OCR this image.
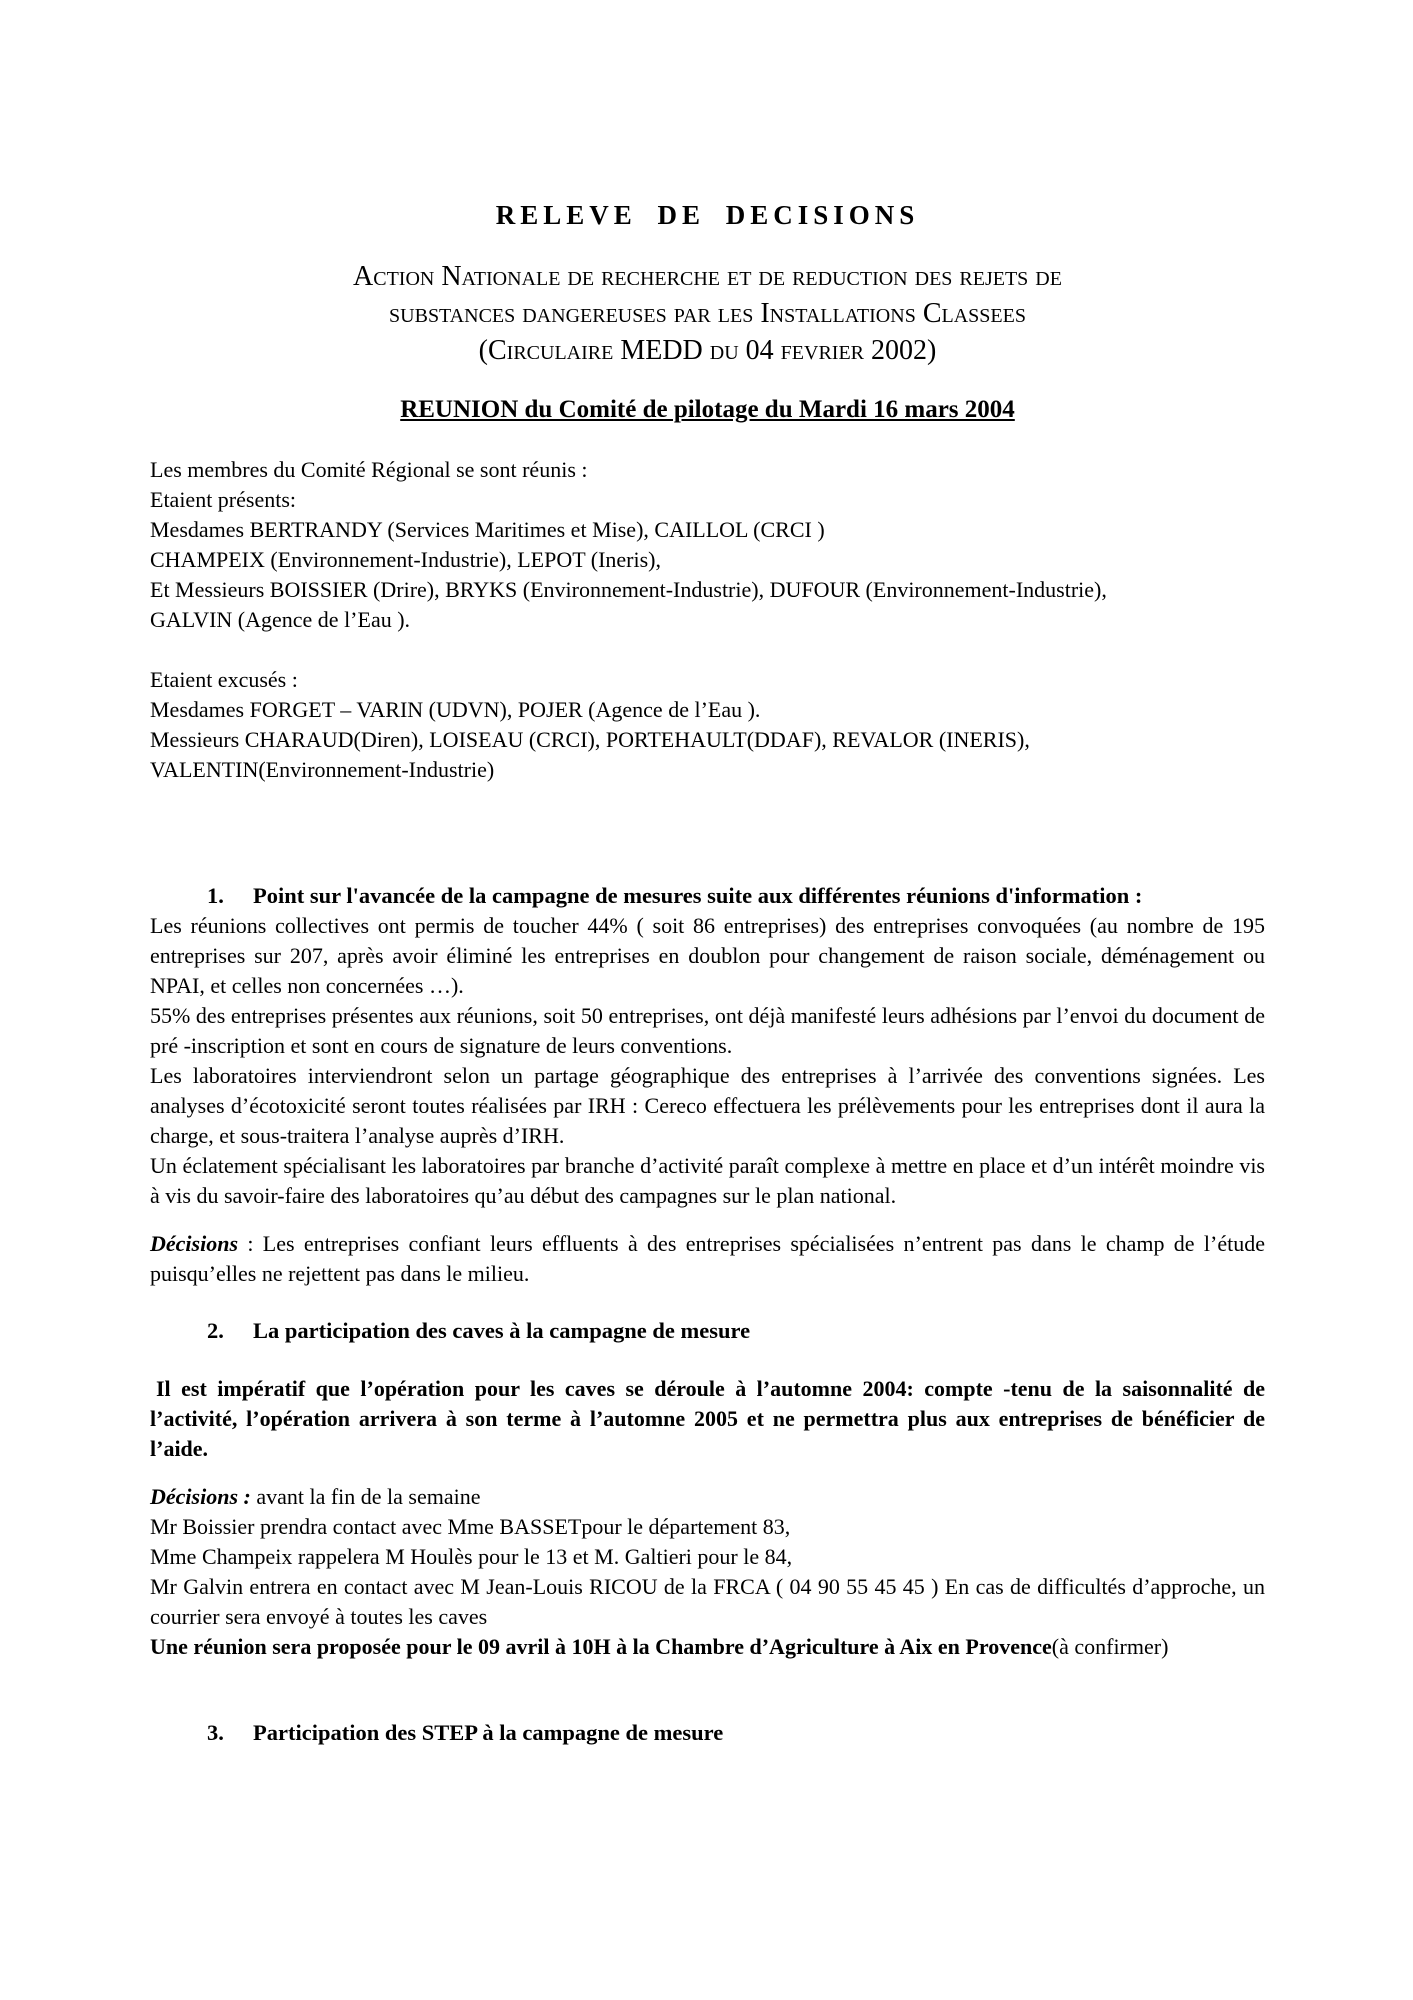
RELEVE DE DECISIONS
Action Nationale de recherche et de reduction des rejets de
substances dangereuses par les Installations Classees
(Circulaire MEDD du 04 fevrier 2002)
REUNION du Comité de pilotage du Mardi 16 mars 2004
Les membres du Comité Régional se sont réunis :
Etaient présents:
Mesdames BERTRANDY (Services Maritimes et Mise), CAILLOL (CRCI )
CHAMPEIX (Environnement-Industrie), LEPOT (Ineris),
Et Messieurs BOISSIER (Drire), BRYKS (Environnement-Industrie), DUFOUR (Environnement-Industrie),
GALVIN (Agence de l’Eau ).
Etaient excusés :
Mesdames FORGET – VARIN (UDVN), POJER (Agence de l’Eau ).
Messieurs CHARAUD(Diren), LOISEAU (CRCI), PORTEHAULT(DDAF), REVALOR (INERIS),
VALENTIN(Environnement-Industrie)
1. Point sur l'avancée de la campagne de mesures suite aux différentes réunions d'information :

Les réunions collectives ont permis de toucher 44% ( soit 86 entreprises) des entreprises convoquées (au nombre de 195 entreprises sur 207, après avoir éliminé les entreprises en doublon pour changement de raison sociale, déménagement ou NPAI, et celles non concernées …).

55% des entreprises présentes aux réunions, soit 50 entreprises, ont déjà manifesté leurs adhésions par l’envoi du document de pré -inscription et sont en cours de signature de leurs conventions.

Les laboratoires interviendront selon un partage géographique des entreprises à l’arrivée des conventions signées. Les analyses d’écotoxicité seront toutes réalisées par IRH : Cereco effectuera les prélèvements pour les entreprises dont il aura la charge, et sous-traitera l’analyse auprès d’IRH.

Un éclatement spécialisant les laboratoires par branche d’activité paraît complexe à mettre en place et d’un intérêt moindre vis à vis du savoir-faire des laboratoires qu’au début des campagnes sur le plan national.

Décisions : Les entreprises confiant leurs effluents à des entreprises spécialisées n’entrent pas dans le champ de l’étude puisqu’elles ne rejettent pas dans le milieu.

2. La participation des caves à la campagne de mesure

Il est impératif que l’opération pour les caves se déroule à l’automne 2004: compte -tenu de la saisonnalité de l’activité, l’opération arrivera à son terme à l’automne 2005 et ne permettra plus aux entreprises de bénéficier de l’aide.

Décisions : avant la fin de la semaine

Mr Boissier prendra contact avec Mme BASSETpour le département 83,

Mme Champeix rappelera M Houlès pour le 13 et M. Galtieri pour le 84,

Mr Galvin entrera en contact avec M Jean-Louis RICOU de la FRCA ( 04 90 55 45 45 ) En cas de difficultés d’approche, un courrier sera envoyé à toutes les caves

Une réunion sera proposée pour le 09 avril à 10H à la Chambre d’Agriculture à Aix en Provence(à confirmer)

3. Participation des STEP à la campagne de mesure
